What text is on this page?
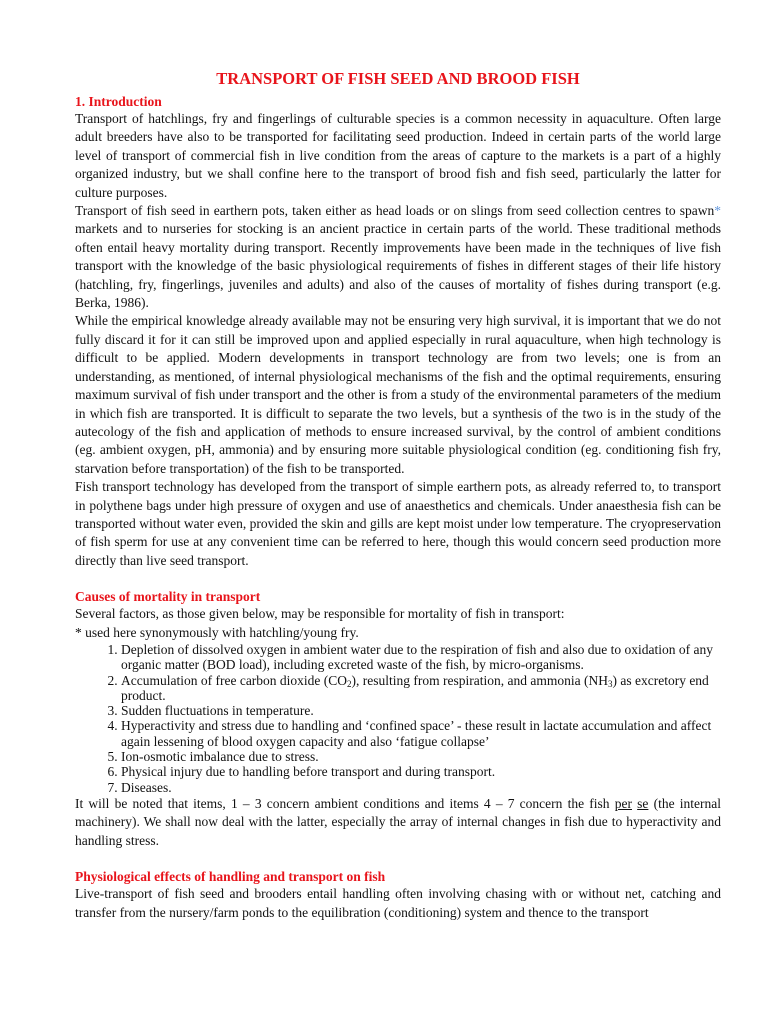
TRANSPORT OF FISH SEED AND BROOD FISH
1. Introduction

Transport of hatchlings, fry and fingerlings of culturable species is a common necessity in aquaculture. Often large adult breeders have also to be transported for facilitating seed production. Indeed in certain parts of the world large level of transport of commercial fish in live condition from the areas of capture to the markets is a part of a highly organized industry, but we shall confine here to the transport of brood fish and fish seed, particularly the latter for culture purposes.

Transport of fish seed in earthern pots, taken either as head loads or on slings from seed collection centres to spawn* markets and to nurseries for stocking is an ancient practice in certain parts of the world. These traditional methods often entail heavy mortality during transport. Recently improvements have been made in the techniques of live fish transport with the knowledge of the basic physiological requirements of fishes in different stages of their life history (hatchling, fry, fingerlings, juveniles and adults) and also of the causes of mortality of fishes during transport (e.g. Berka, 1986).

While the empirical knowledge already available may not be ensuring very high survival, it is important that we do not fully discard it for it can still be improved upon and applied especially in rural aquaculture, when high technology is difficult to be applied. Modern developments in transport technology are from two levels; one is from an understanding, as mentioned, of internal physiological mechanisms of the fish and the optimal requirements, ensuring maximum survival of fish under transport and the other is from a study of the environmental parameters of the medium in which fish are transported. It is difficult to separate the two levels, but a synthesis of the two is in the study of the autecology of the fish and application of methods to ensure increased survival, by the control of ambient conditions (eg. ambient oxygen, pH, ammonia) and by ensuring more suitable physiological condition (eg. conditioning fish fry, starvation before transportation) of the fish to be transported.

Fish transport technology has developed from the transport of simple earthern pots, as already referred to, to transport in polythene bags under high pressure of oxygen and use of anaesthetics and chemicals. Under anaesthesia fish can be transported without water even, provided the skin and gills are kept moist under low temperature. The cryopreservation of fish sperm for use at any convenient time can be referred to here, though this would concern seed production more directly than live seed transport.

Causes of mortality in transport

Several factors, as those given below, may be responsible for mortality of fish in transport:

* used here synonymously with hatchling/young fry.

1. Depletion of dissolved oxygen in ambient water due to the respiration of fish and also due to oxidation of any organic matter (BOD load), including excreted waste of the fish, by micro-organisms.
2. Accumulation of free carbon dioxide $(CO_2)$, resulting from respiration, and ammonia $(NH_3)$ as excretory end product.
3. Sudden fluctuations in temperature.
4. Hyperactivity and stress due to handling and ‘confined space’ - these result in lactate accumulation and affect again lessening of blood oxygen capacity and also ‘fatigue collapse’
5. Ion-osmotic imbalance due to stress.
6. Physical injury due to handling before transport and during transport.
7. Diseases.

It will be noted that items, 1 – 3 concern ambient conditions and items 4 – 7 concern the fish per se (the internal machinery). We shall now deal with the latter, especially the array of internal changes in fish due to hyperactivity and handling stress.

Physiological effects of handling and transport on fish

Live-transport of fish seed and brooders entail handling often involving chasing with or without net, catching and transfer from the nursery/farm ponds to the equilibration (conditioning) system and thence to the transport
